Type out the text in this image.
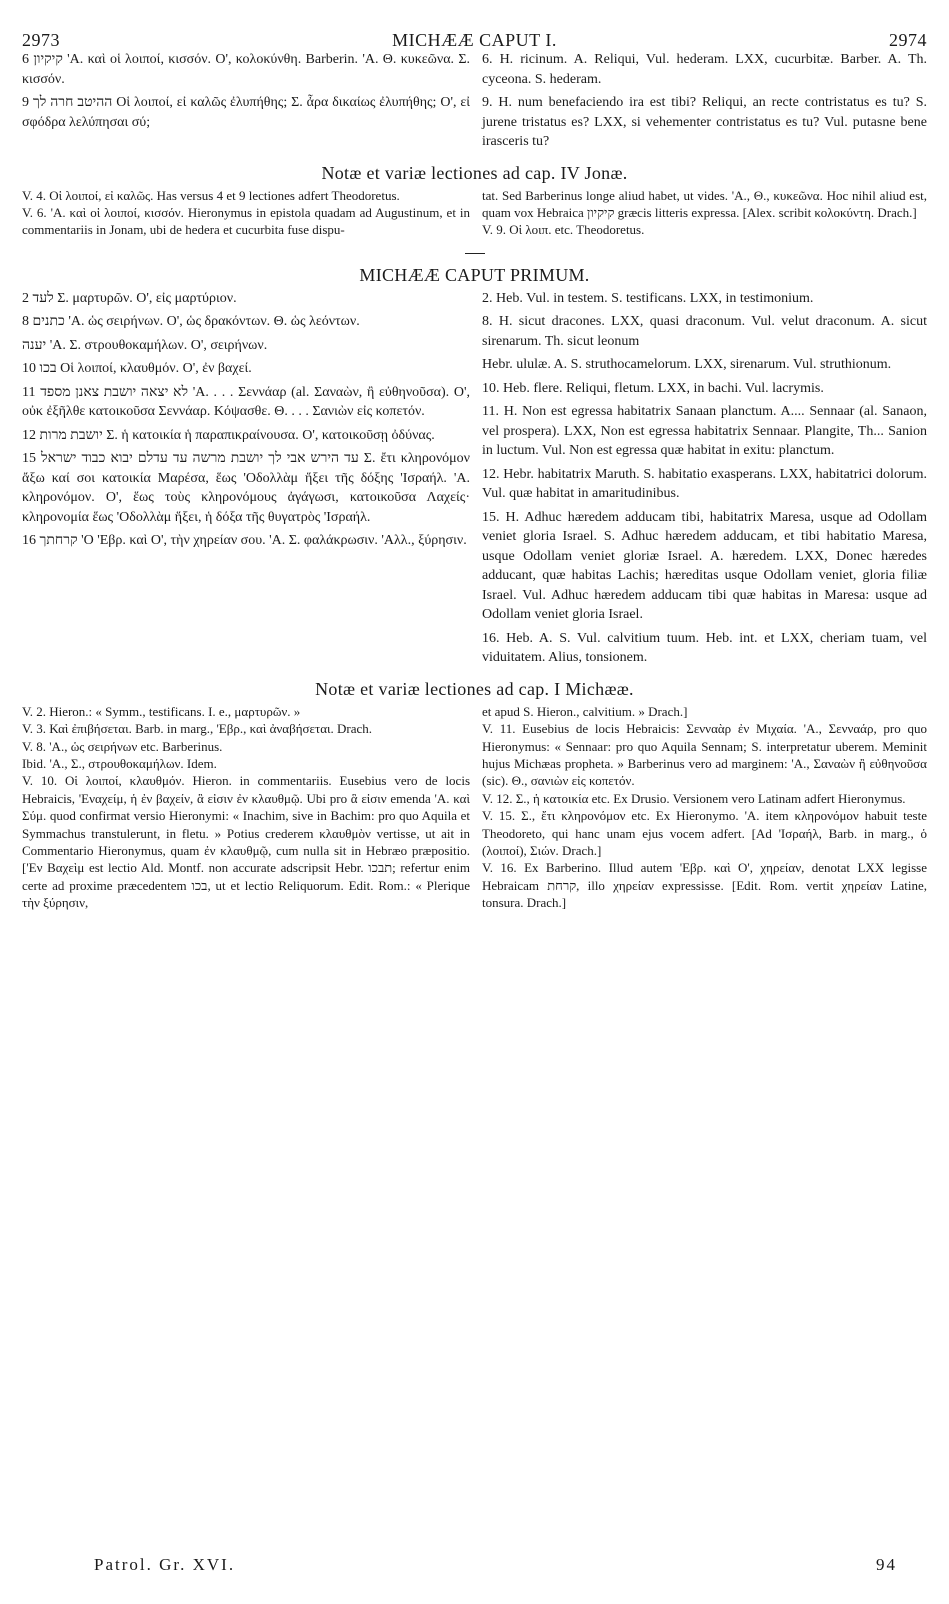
2973	MICHÆÆ CAPUT I.	2974

קיקיון 6 'Α. καὶ οἱ λοιποί, κισσόν. Ο', κολοκύνθη. Barberin. 'Α. Θ. κυκεῶνα. Σ. κισσόν.

9 ההיטב חרה לך Οἱ λοιποί, εἰ καλῶς ἐλυπήθης; Σ. ἆρα δικαίως ἐλυπήθης; Ο', εἰ σφόδρα λελύπησαι σύ;

6. H. ricinum. A. Reliqui, Vul. hederam. LXX, cucurbitæ. Barber. A. Th. cyceona. S. hederam.

9. H. num benefaciendo ira est tibi? Reliqui, an recte contristatus es tu? S. jurene tristatus es? LXX, si vehementer contristatus es tu? Vul. putasne bene irasceris tu?

Notæ et variæ lectiones ad cap. IV Jonæ.

V. 4. Οἱ λοιποί, εἰ καλῶς. Has versus 4 et 9 lectiones adfert Theodoretus.

V. 6. 'Α. καὶ οἱ λοιποί, κισσόν. Hieronymus in epistola quadam ad Augustinum, et in commentariis in Jonam, ubi de hedera et cucurbita fuse dispu-

tat. Sed Barberinus longe aliud habet, ut vides. 'Α., Θ., κυκεῶνα. Hoc nihil aliud est, quam vox Hebraica קיקיון græcis litteris expressa. [Alex. scribit κολοκύντη. Drach.]

V. 9. Οἱ λοιπ. etc. Theodoretus.

MICHÆÆ CAPUT PRIMUM.

לעד 2 Σ. μαρτυρῶν. Ο', εἰς μαρτύριον.

כתנים 8 'Α. ὡς σειρήνων. Ο', ὡς δρακόντων. Θ. ὡς λεόντων.

יענה 'Α. Σ. στρουθοκαμήλων. Ο', σειρήνων.

בכו 10 Οἱ λοιποί, κλαυθμόν. Ο', ἐν βαχεί.

11 לא יצאה יושבת צאנן מספד 'Α. . . . Σεννάαρ (al. Σαναὼν, ἢ εὐθηνοῦσα). Ο', οὐκ ἐξῆλθε κατοικοῦσα Σεννάαρ. Κόψασθε. Θ. . . . Σανιὼν εἰς κοπετόν.

12 יושבת מרות Σ. ἡ κατοικία ἡ παραπικραίνουσα. Ο', κατοικοῦσῃ ὀδύνας.

15 עד הירש אבי לך יושבת מרשה עד עדלם יבוא כבוד ישראל Σ. ἔτι κληρονόμον ἄξω καί σοι κατοικία Μαρέσα, ἕως 'Οδολλὰμ ἥξει τῆς δόξης 'Ισραήλ. 'Α. κληρονόμον. Ο', ἕως τοὺς κληρονόμους ἀγάγωσι, κατοικοῦσα Λαχείς· κληρονομία ἕως 'Οδολλὰμ ἥξει, ἡ δόξα τῆς θυγατρὸς 'Ισραήλ.

קרחתך 16 'Ο 'Εβρ. καὶ Ο', τὴν χηρείαν σου. 'Α. Σ. φαλάκρωσιν. 'Αλλ., ξύρησιν.

2. Heb. Vul. in testem. S. testificans. LXX, in testimonium.

8. H. sicut dracones. LXX, quasi draconum. Vul. velut draconum. A. sicut sirenarum. Th. sicut leonum

Hebr. ululæ. A. S. struthocamelorum. LXX, sirenarum. Vul. struthionum.

10. Heb. flere. Reliqui, fletum. LXX, in bachi. Vul. lacrymis.

11. H. Non est egressa habitatrix Sanaan planctum. A.... Sennaar (al. Sanaon, vel prospera). LXX, Non est egressa habitatrix Sennaar. Plangite, Th... Sanion in luctum. Vul. Non est egressa quæ habitat in exitu: planctum.

12. Hebr. habitatrix Maruth. S. habitatio exasperans. LXX, habitatrici dolorum. Vul. quæ habitat in amaritudinibus.

15. H. Adhuc hæredem adducam tibi, habitatrix Maresa, usque ad Odollam veniet gloria Israel. S. Adhuc hæredem adducam, et tibi habitatio Maresa, usque Odollam veniet gloriæ Israel. A. hæredem. LXX, Donec hæredes adducant, quæ habitas Lachis; hæreditas usque Odollam veniet, gloria filiæ Israel. Vul. Adhuc hæredem adducam tibi quæ habitas in Maresa: usque ad Odollam veniet gloria Israel.

16. Heb. A. S. Vul. calvitium tuum. Heb. int. et LXX, cheriam tuam, vel viduitatem. Alius, tonsionem.

Notæ et variæ lectiones ad cap. I Michææ.

V. 2. Hieron.: « Symm., testificans. I. e., μαρτυρῶν. »

V. 3. Καὶ ἐπιβήσεται. Barb. in marg., 'Εβρ., καὶ ἀναβήσεται. Drach.

V. 8. 'Α., ὡς σειρήνων etc. Barberinus.

Ibid. 'Α., Σ., στρουθοκαμήλων. Idem.

V. 10. Οἱ λοιποί, κλαυθμόν. Hieron. in commentariis. Eusebius vero de locis Hebraicis, 'Εναχείμ, ἡ ἐν βαχείν, ἃ εἰσιν ἐν κλαυθμῷ. Ubi pro ἃ εἰσιν emenda 'Α. καὶ Σύμ. quod confirmat versio Hieronymi: « Inachim, sive in Bachim: pro quo Aquila et Symmachus transtulerunt, in fletu. » Potius crederem κλαυθμὸν vertisse, ut ait in Commentario Hieronymus, quam ἐν κλαυθμῷ, cum nulla sit in Hebræo præpositio. ['Εν Βαχεὶμ est lectio Ald. Montf. non accurate adscripsit Hebr. תבכו; refertur enim certe ad proxime præcedentem בכו, ut et lectio Reliquorum. Edit. Rom.: « Plerique τὴν ξύρησιν,

et apud S. Hieron., calvitium. » Drach.]

V. 11. Eusebius de locis Hebraicis: Σενναὰρ ἐν Μιχαία. 'Α., Σενναάρ, pro quo Hieronymus: « Sennaar: pro quo Aquila Sennam; S. interpretatur uberem. Meminit hujus Michæas propheta. » Barberinus vero ad marginem: 'Α., Σαναὼν ἢ εὐθηνοῦσα (sic). Θ., σανιὼν εἰς κοπετόν.

V. 12. Σ., ἡ κατοικία etc. Ex Drusio. Versionem vero Latinam adfert Hieronymus.

V. 15. Σ., ἔτι κληρονόμον etc. Ex Hieronymo. 'Α. item κληρονόμον habuit teste Theodoreto, qui hanc unam ejus vocem adfert. [Ad 'Ισραήλ, Barb. in marg., ὁ (λοιποί), Σιών. Drach.]

V. 16. Ex Barberino. Illud autem 'Εβρ. καὶ Ο', χηρείαν, denotat LXX legisse Hebraicam קרחת, illo χηρείαν expressisse. [Edit. Rom. vertit χηρείαν Latine, tonsura. Drach.]

Patrol. Gr. XVI.	94
